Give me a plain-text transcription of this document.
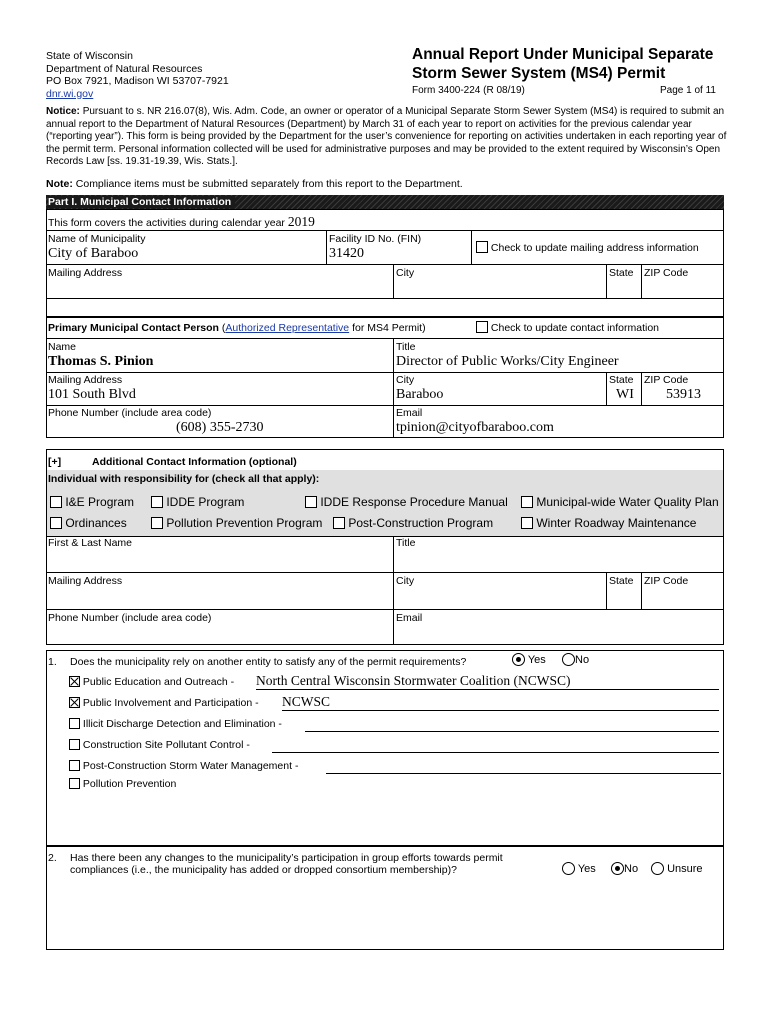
State of Wisconsin
Department of Natural Resources
PO Box 7921, Madison WI 53707-7921
dnr.wi.gov
Annual Report Under Municipal Separate
Storm Sewer System (MS4) Permit
Form 3400-224 (R 08/19)	Page 1 of 11
Notice: Pursuant to s. NR 216.07(8), Wis. Adm. Code, an owner or operator of a Municipal Separate Storm Sewer System (MS4) is required to submit an annual report to the Department of Natural Resources (Department) by March 31 of each year to report on activities for the previous calendar year (“reporting year”). This form is being provided by the Department for the user’s convenience for reporting on activities undertaken in each reporting year of the permit term. Personal information collected will be used for administrative purposes and may be provided to the extent required by Wisconsin’s Open Records Law [ss. 19.31-19.39, Wis. Stats.].
Note: Compliance items must be submitted separately from this report to the Department.
Part I. Municipal Contact Information
This form covers the activities during calendar year 2019
Name of Municipality
City of Baraboo
Facility ID No. (FIN)
31420	Check to update mailing address information
Mailing Address	City	State ZIP Code
Primary Municipal Contact Person (Authorized Representative for MS4 Permit)	Check to update contact information
Name
Thomas S. Pinion
Title
Director of Public Works/City Engineer
Mailing Address
101 South Blvd
City
Baraboo
State
WI
ZIP Code
53913
Phone Number (include area code)
(608) 355-2730
Email
tpinion@cityofbaraboo.com
[+]	Additional Contact Information (optional)
Individual with responsibility for (check all that apply):
I&E Program	IDDE Program	IDDE Response Procedure Manual	Municipal-wide Water Quality Plan
Ordinances	Pollution Prevention Program	Post-Construction Program	Winter Roadway Maintenance
First & Last Name	Title
Mailing Address	City	State ZIP Code
Phone Number (include area code)	Email
1. Does the municipality rely on another entity to satisfy any of the permit requirements?	Yes	No
Public Education and Outreach - North Central Wisconsin Stormwater Coalition (NCWSC)
Public Involvement and Participation - NCWSC
Illicit Discharge Detection and Elimination -
Construction Site Pollutant Control -
Post-Construction Storm Water Management -
Pollution Prevention
2. Has there been any changes to the municipality’s participation in group efforts towards permit
compliances (i.e., the municipality has added or dropped consortium membership)?	Yes	No	Unsure
